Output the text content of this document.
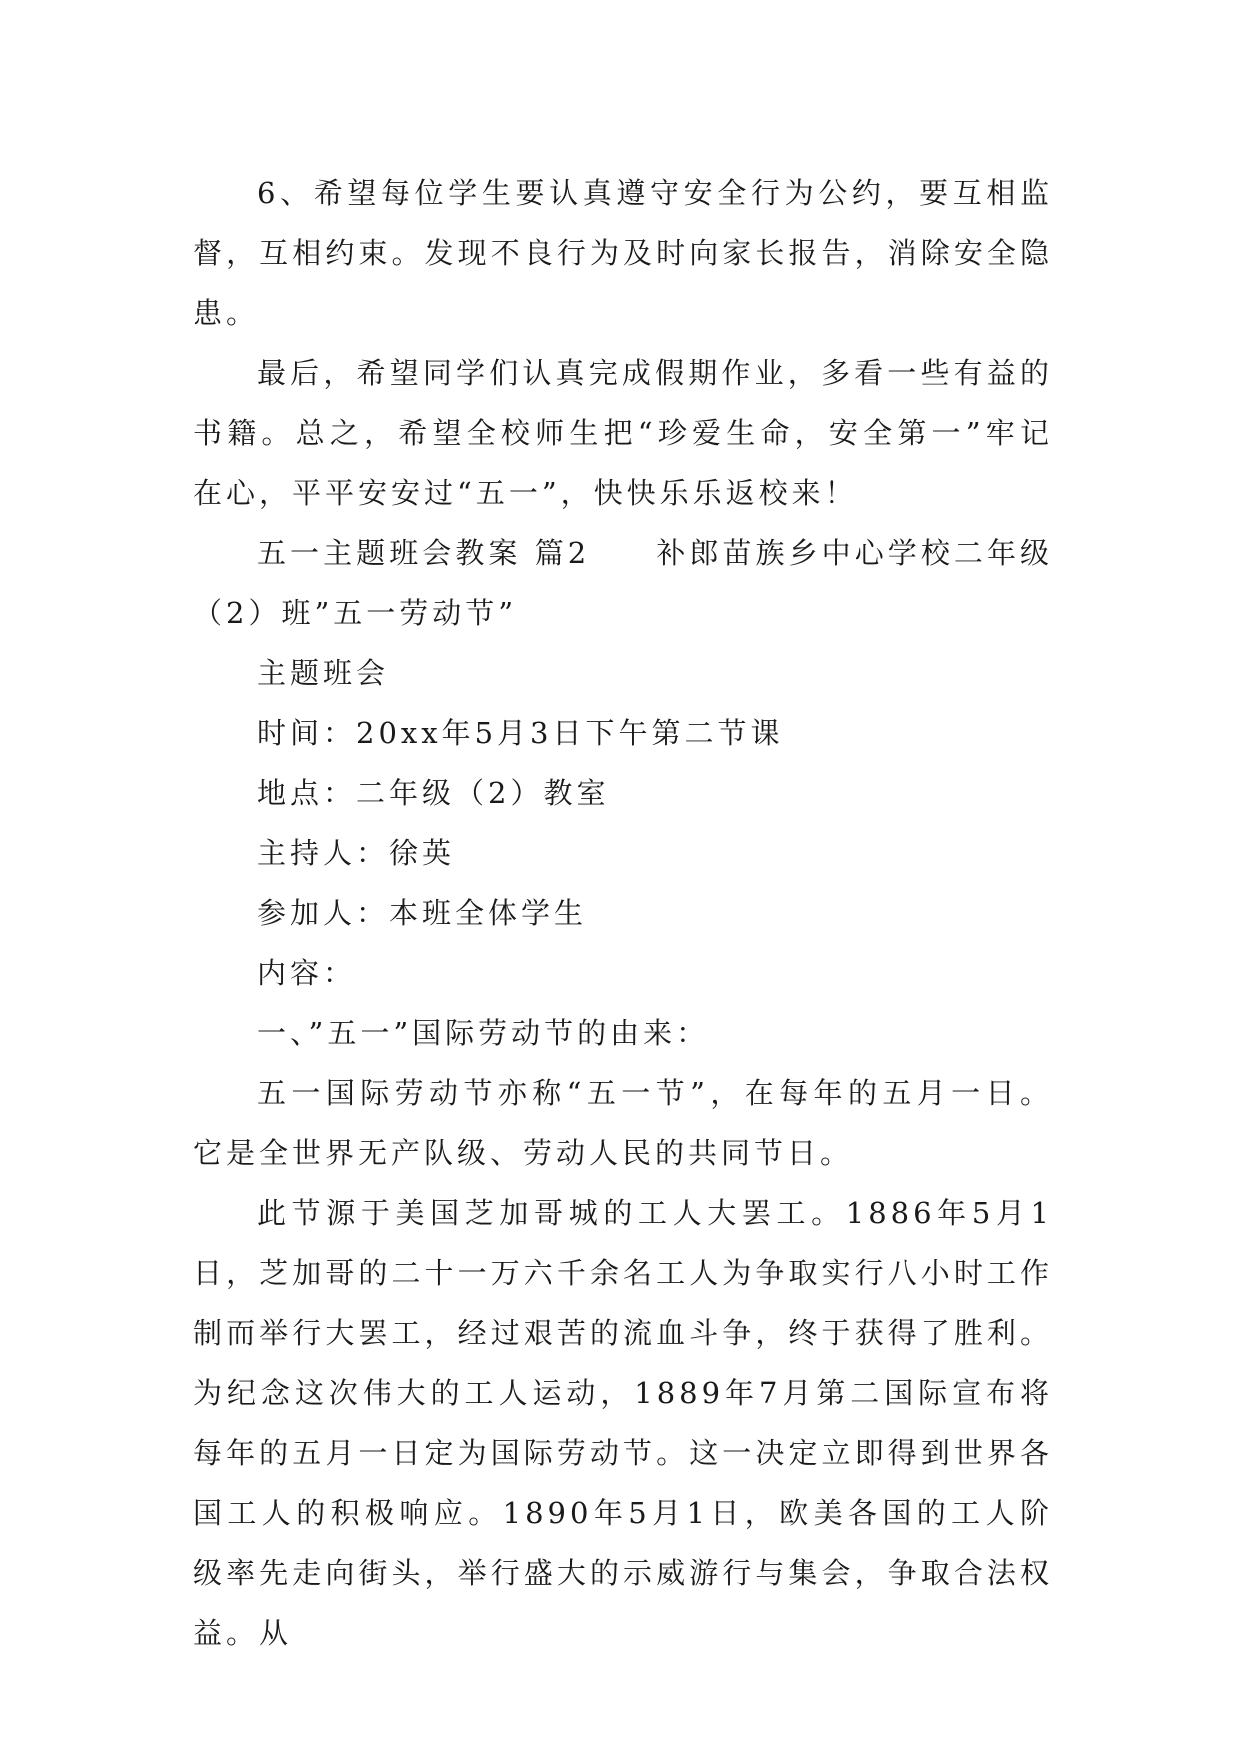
6、希望每位学生要认真遵守安全行为公约，要互相监督，互相约束。发现不良行为及时向家长报告，消除安全隐患。

最后，希望同学们认真完成假期作业，多看一些有益的书籍。总之，希望全校师生把“珍爱生命，安全第一”牢记在心，平平安安过“五一”，快快乐乐返校来！

五一主题班会教案 篇2　　补郎苗族乡中心学校二年级（2）班”五一劳动节”

主题班会

时间：20xx年5月3日下午第二节课

地点：二年级（2）教室

主持人：徐英

参加人：本班全体学生

内容：

一、”五一”国际劳动节的由来：

五一国际劳动节亦称“五一节”，在每年的五月一日。它是全世界无产队级、劳动人民的共同节日。

此节源于美国芝加哥城的工人大罢工。1886年5月1日，芝加哥的二十一万六千余名工人为争取实行八小时工作制而举行大罢工，经过艰苦的流血斗争，终于获得了胜利。为纪念这次伟大的工人运动，1889年7月第二国际宣布将每年的五月一日定为国际劳动节。这一决定立即得到世界各国工人的积极响应。1890年5月1日，欧美各国的工人阶级率先走向街头，举行盛大的示威游行与集会，争取合法权益。从
